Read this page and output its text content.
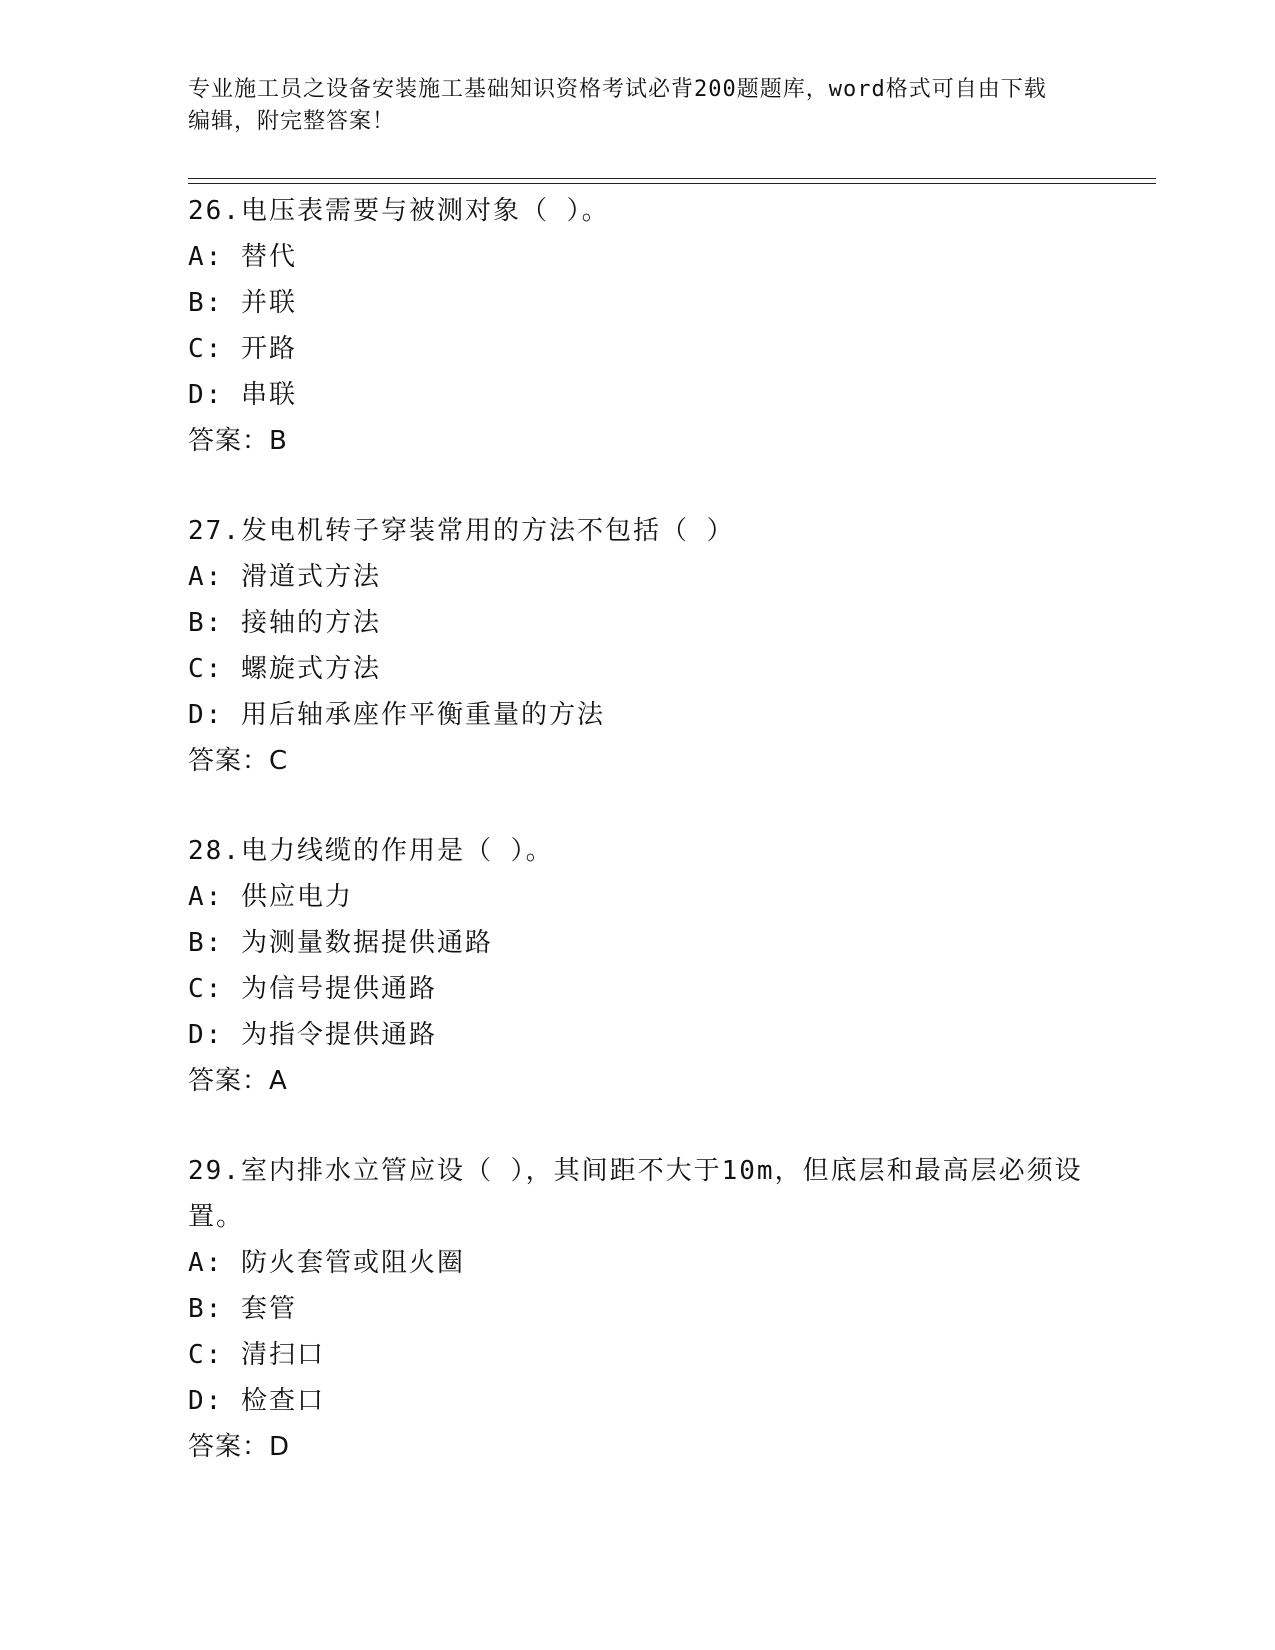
专业施工员之设备安装施工基础知识资格考试必背200题题库，word格式可自由下载编辑，附完整答案！

26.电压表需要与被测对象（ ）。

A: 替代

B: 并联

C: 开路

D: 串联

答案：B

27.发电机转子穿装常用的方法不包括（ ）

A: 滑道式方法

B: 接轴的方法

C: 螺旋式方法

D: 用后轴承座作平衡重量的方法

答案：C

28.电力线缆的作用是（ ）。

A: 供应电力

B: 为测量数据提供通路

C: 为信号提供通路

D: 为指令提供通路

答案：A

29.室内排水立管应设（ ），其间距不大于10m，但底层和最高层必须设置。

A: 防火套管或阻火圈

B: 套管

C: 清扫口

D: 检查口

答案：D
